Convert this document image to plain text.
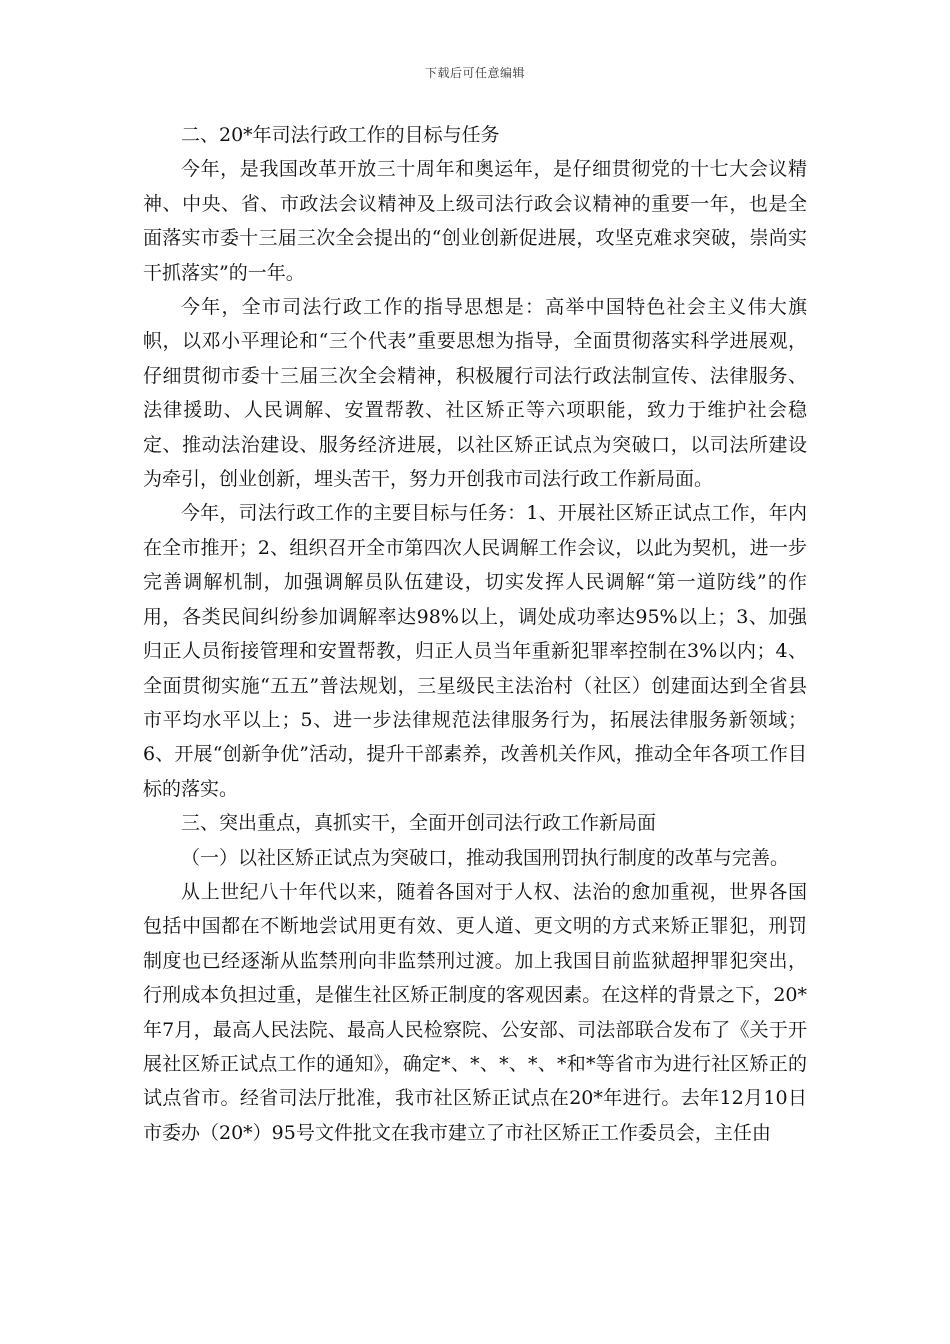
下载后可任意编辑

二、20*年司法行政工作的目标与任务

今年，是我国改革开放三十周年和奥运年，是仔细贯彻党的十七大会议精神、中央、省、市政法会议精神及上级司法行政会议精神的重要一年，也是全面落实市委十三届三次全会提出的“创业创新促进展，攻坚克难求突破，崇尚实干抓落实”的一年。

今年，全市司法行政工作的指导思想是：高举中国特色社会主义伟大旗帜，以邓小平理论和“三个代表”重要思想为指导，全面贯彻落实科学进展观，仔细贯彻市委十三届三次全会精神，积极履行司法行政法制宣传、法律服务、法律援助、人民调解、安置帮教、社区矫正等六项职能，致力于维护社会稳定、推动法治建设、服务经济进展，以社区矫正试点为突破口，以司法所建设为牵引，创业创新，埋头苦干，努力开创我市司法行政工作新局面。

今年，司法行政工作的主要目标与任务：1、开展社区矫正试点工作，年内在全市推开；2、组织召开全市第四次人民调解工作会议，以此为契机，进一步完善调解机制，加强调解员队伍建设，切实发挥人民调解“第一道防线”的作用，各类民间纠纷参加调解率达98%以上，调处成功率达95%以上；3、加强归正人员衔接管理和安置帮教，归正人员当年重新犯罪率控制在3%以内；4、全面贯彻实施“五五”普法规划，三星级民主法治村（社区）创建面达到全省县市平均水平以上；5、进一步法律规范法律服务行为，拓展法律服务新领域；6、开展“创新争优”活动，提升干部素养，改善机关作风，推动全年各项工作目标的落实。

三、突出重点，真抓实干，全面开创司法行政工作新局面

（一）以社区矫正试点为突破口，推动我国刑罚执行制度的改革与完善。

从上世纪八十年代以来，随着各国对于人权、法治的愈加重视，世界各国包括中国都在不断地尝试用更有效、更人道、更文明的方式来矫正罪犯，刑罚制度也已经逐渐从监禁刑向非监禁刑过渡。加上我国目前监狱超押罪犯突出，行刑成本负担过重，是催生社区矫正制度的客观因素。在这样的背景之下，20*年7月，最高人民法院、最高人民检察院、公安部、司法部联合发布了《关于开展社区矫正试点工作的通知》，确定*、*、*、*、*和*等省市为进行社区矫正的试点省市。经省司法厅批准，我市社区矫正试点在20*年进行。去年12月10日市委办（20*）95号文件批文在我市建立了市社区矫正工作委员会，主任由
